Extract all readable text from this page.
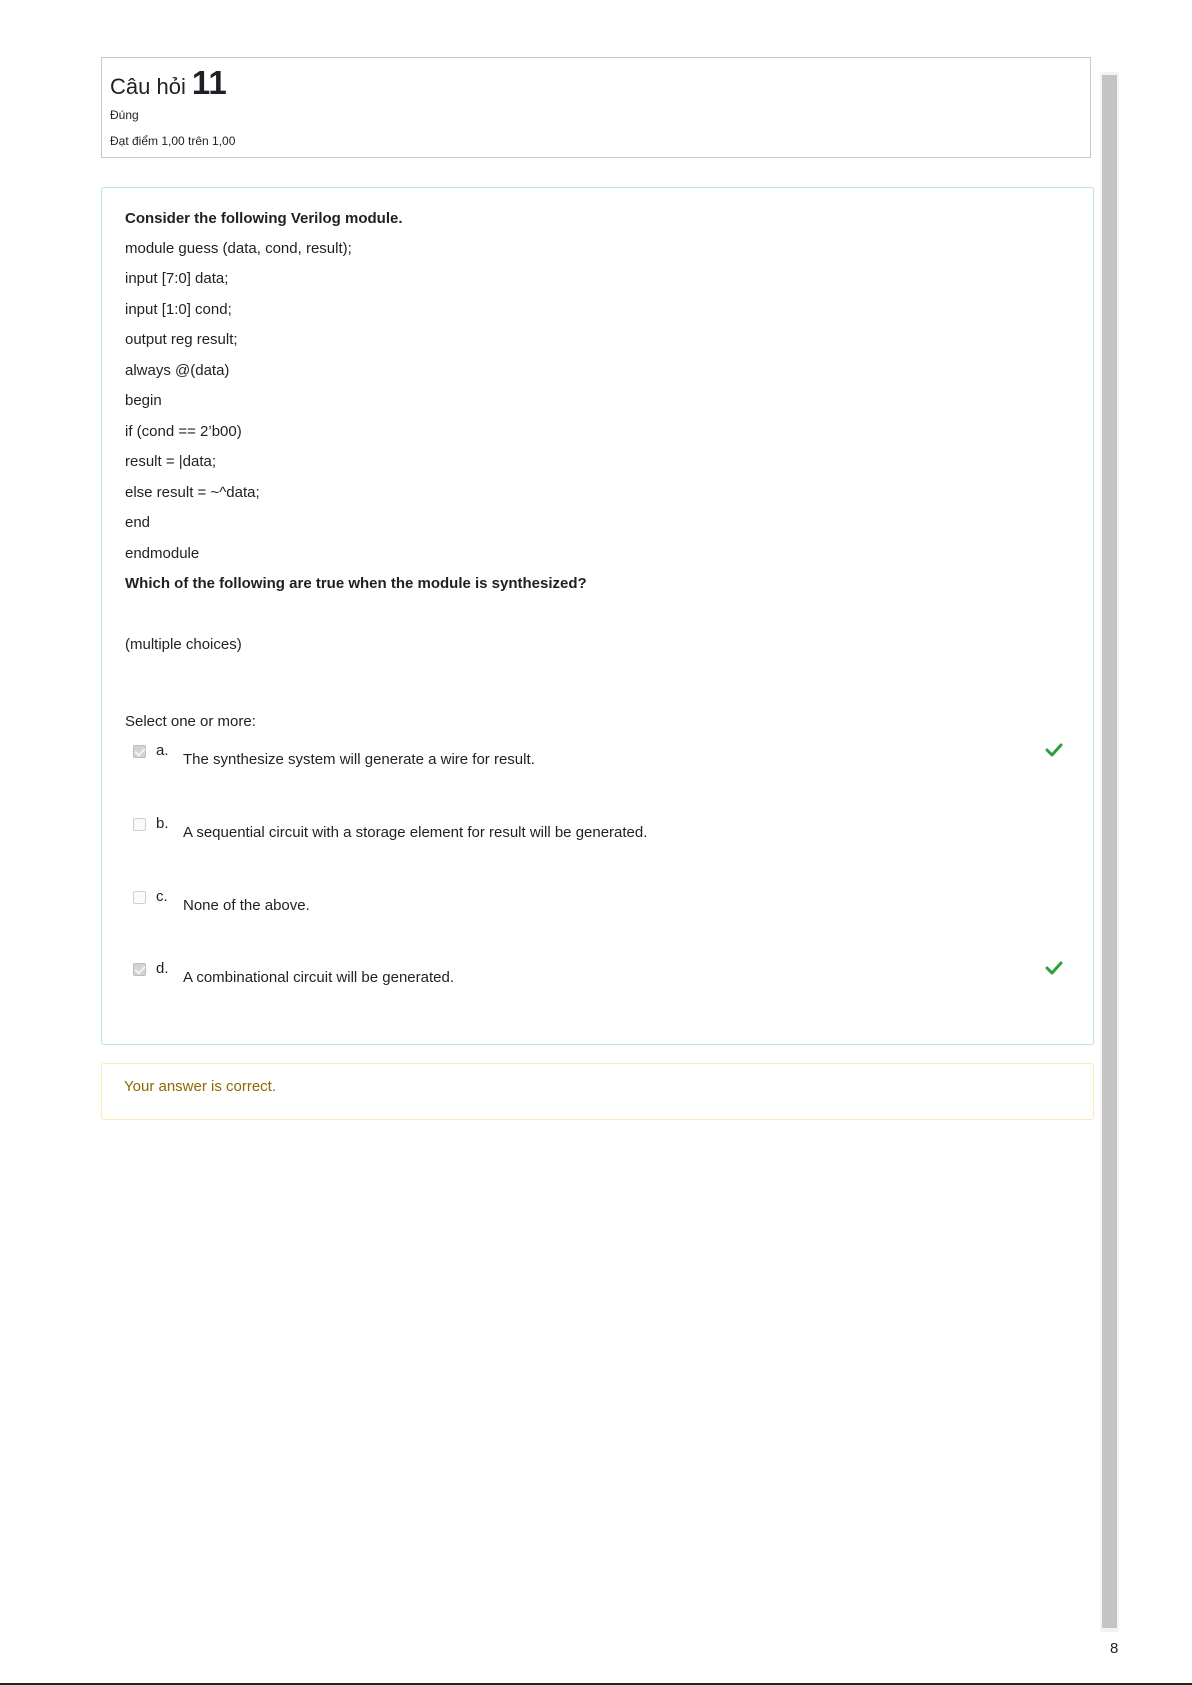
Câu hỏi 11
Đúng
Đạt điểm 1,00 trên 1,00
Consider the following Verilog module.
module guess (data, cond, result);
input [7:0] data;
input [1:0] cond;
output reg result;
always @(data)
begin
if (cond == 2’b00)
result = |data;
else result = ~^data;
end
endmodule
Which of the following are true when the module is synthesized?
(multiple choices)
Select one or more:
a.
The synthesize system will generate a wire for result.
b.
A sequential circuit with a storage element for result will be generated.
c.
None of the above.
d.
A combinational circuit will be generated.
Your answer is correct.
8
